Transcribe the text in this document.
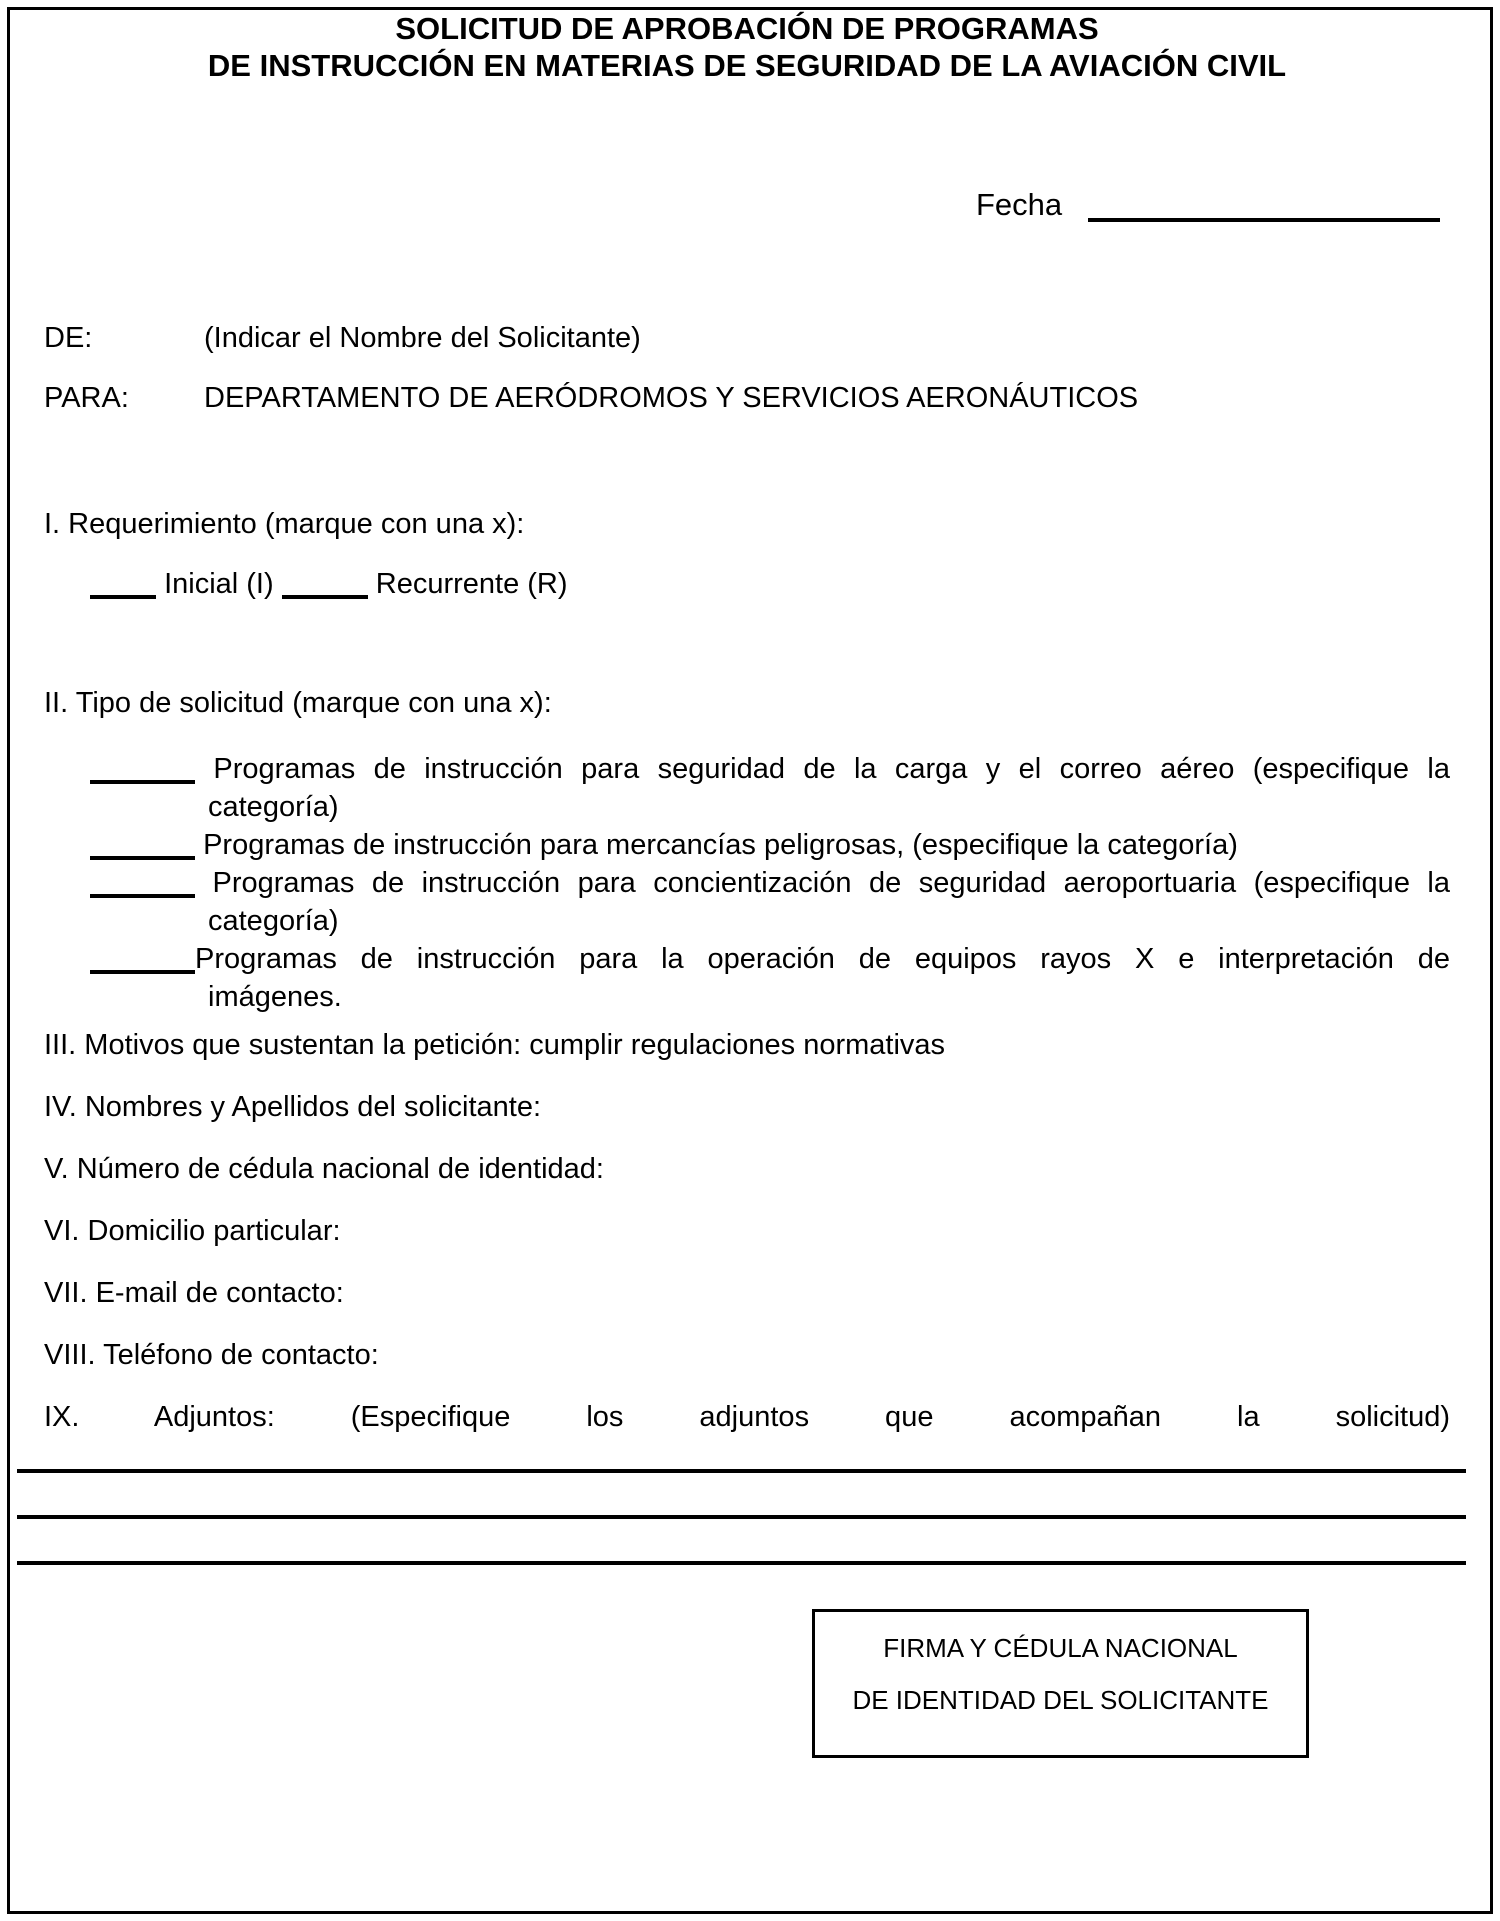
SOLICITUD DE APROBACIÓN DE PROGRAMAS
DE INSTRUCCIÓN EN MATERIAS DE SEGURIDAD DE LA AVIACIÓN CIVIL
Fecha
DE:	(Indicar el Nombre del Solicitante)
PARA:	DEPARTAMENTO DE AERÓDROMOS Y SERVICIOS AERONÁUTICOS
I. Requerimiento (marque con una x):
Inicial (I)	Recurrente (R)
II. Tipo de solicitud (marque con una x):
Programas de instrucción para seguridad de la carga y el correo aéreo (especifique la
categoría)
Programas de instrucción para mercancías peligrosas, (especifique la categoría)
Programas de instrucción para concientización de seguridad aeroportuaria (especifique la
categoría)
Programas de instrucción para la operación de equipos rayos X e interpretación de
imágenes.
III. Motivos que sustentan la petición: cumplir regulaciones normativas
IV. Nombres y Apellidos del solicitante:
V. Número de cédula nacional de identidad:
VI. Domicilio particular:
VII. E-mail de contacto:
VIII. Teléfono de contacto:
IX. Adjuntos: (Especifique los adjuntos que acompañan la solicitud)
FIRMA Y CÉDULA NACIONAL
DE IDENTIDAD DEL SOLICITANTE
